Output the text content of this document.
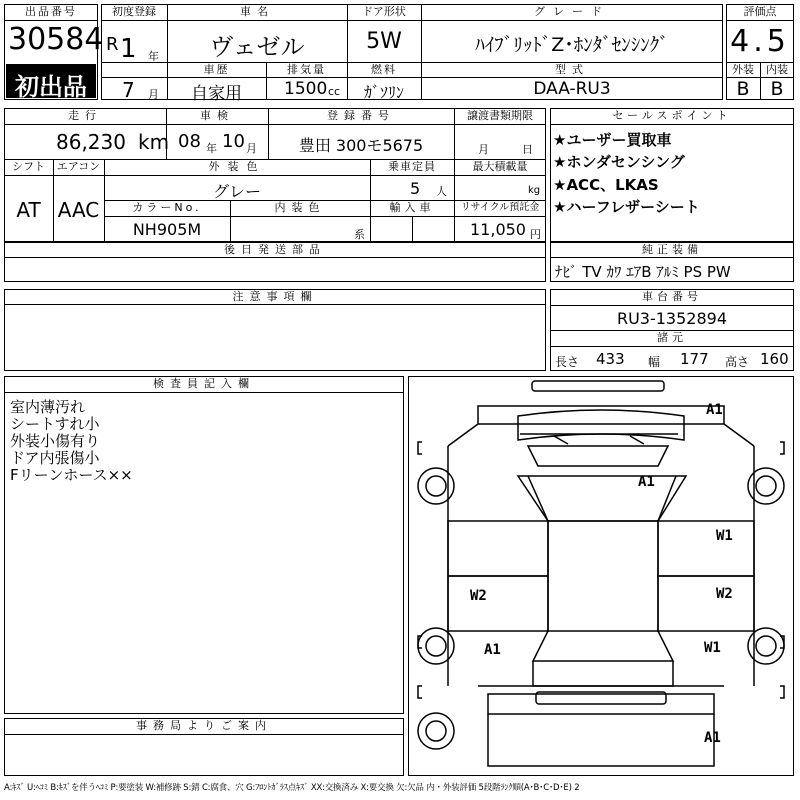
出品番号
30584
初出品
初度登録
R 1 年
7 月
車名
ヴェゼル
ドア形状
5W
グレード
ﾊｲﾌﾞﾘｯﾄﾞZ･ﾎﾝﾀﾞｾﾝｼﾝｸﾞ
車歴
自家用
排気量
1500 cc
燃料
ｶﾞｿﾘﾝ
型式
DAA-RU3
評価点
4.5
外装	内装
B	B
走行
86,230 km
車検
08 年 10 月
登録番号
豊田 300モ5675
譲渡書類期限
月	日
シフト
AT
エアコン
AAC
外装色
グレー
乗車定員
5 人
最大積載量
kg
カラーNo.
NH905M
内装色
系
輸入車	リサイクル預託金
11,050 円
後日発送部品
セールスポイント
★ユーザー買取車
★ホンダセンシング
★ACC、LKAS
★ハーフレザーシート
純正装備
ﾅﾋﾞ TV ｶﾜ ｴｱB ｱﾙﾐ PS PW
車台番号
RU3-1352894
諸元
長さ 433 幅 177 高さ 160
注意事項欄
検査員記入欄
室内薄汚れ
シートすれ小
外装小傷有り
ドア内張傷小
Fリーンホース××
事務局よりご案内
A1
A1
W1
W2	W2
A1	W1
A1
A:ｷｽﾞ U:ﾍｺﾐ B:ｷｽﾞを伴うﾍｺﾐ P:要塗装 W:補修跡 S:錆 C:腐食、穴 G:ﾌﾛﾝﾄｶﾞﾗｽ点ｷｽﾞ XX:交換済み X:要交換 欠:欠品 内・外装評価 5段階ﾗﾝｸ順(A･B･C･D･E) 2
